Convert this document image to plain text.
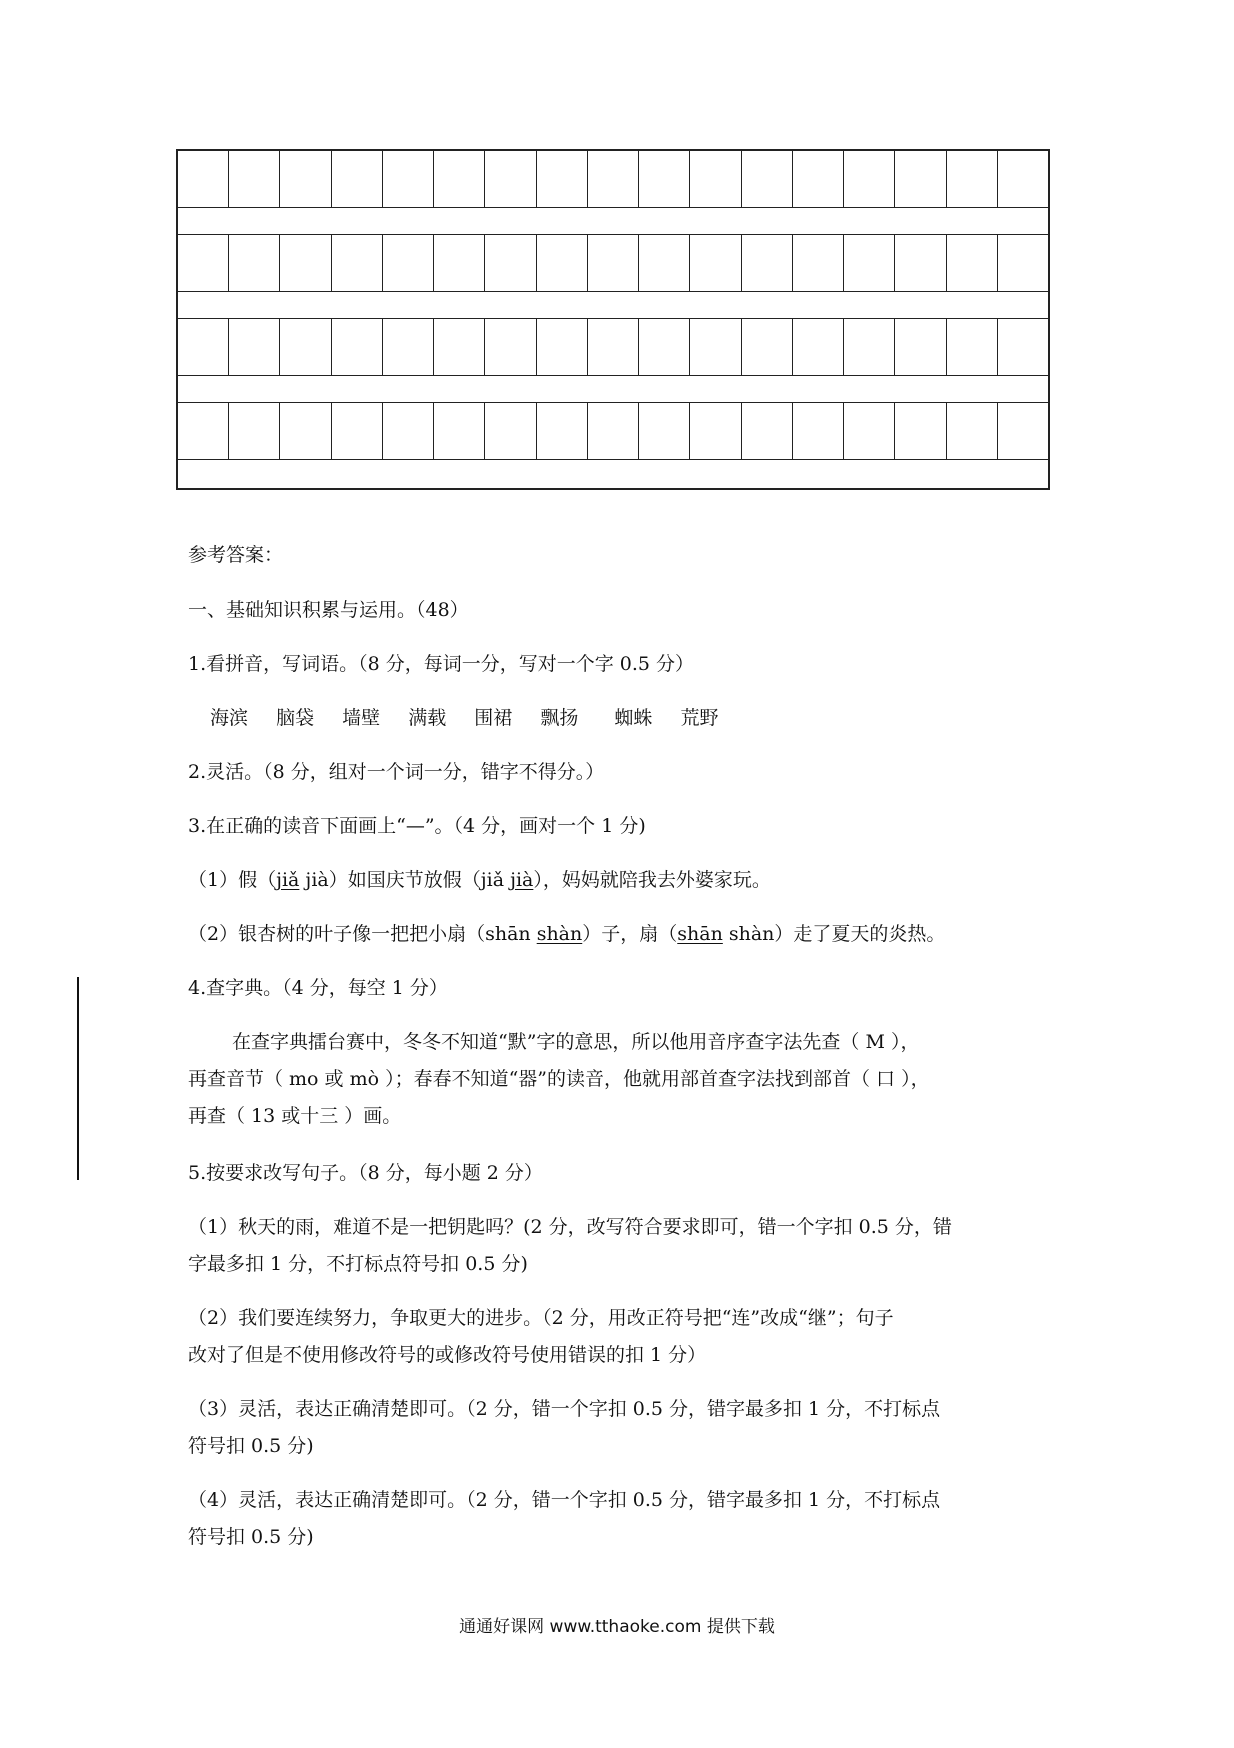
参考答案：
一、基础知识积累与运用。（48）
1.看拼音，写词语。（8 分，每词一分，写对一个字 0.5 分）
海滨 脑袋 墙壁 满载 围裙 飘扬 蜘蛛 荒野
2.灵活。（8 分，组对一个词一分，错字不得分。）
3.在正确的读音下面画上“—”。（4 分，画对一个 1 分)
（1）假（jiǎ jià）如国庆节放假（jiǎ jià），妈妈就陪我去外婆家玩。
（2）银杏树的叶子像一把把小扇（shān shàn）子，扇（shān shàn）走了夏天的炎热。
4.查字典。（4 分，每空 1 分）
在查字典擂台赛中，冬冬不知道“默”字的意思，所以他用音序查字法先查（ M ），
再查音节（ mo 或 mò ）；春春不知道“器”的读音，他就用部首查字法找到部首（ 口 ），
再查（ 13 或十三 ）画。
5.按要求改写句子。（8 分，每小题 2 分）
（1）秋天的雨，难道不是一把钥匙吗？(2 分，改写符合要求即可，错一个字扣 0.5 分，错
字最多扣 1 分，不打标点符号扣 0.5 分)
（2）我们要连续努力，争取更大的进步。（2 分，用改正符号把“连”改成“继”；句子
改对了但是不使用修改符号的或修改符号使用错误的扣 1 分）
（3）灵活，表达正确清楚即可。（2 分，错一个字扣 0.5 分，错字最多扣 1 分，不打标点
符号扣 0.5 分)
（4）灵活，表达正确清楚即可。（2 分，错一个字扣 0.5 分，错字最多扣 1 分，不打标点
符号扣 0.5 分)
通通好课网 www.tthaoke.com 提供下载
